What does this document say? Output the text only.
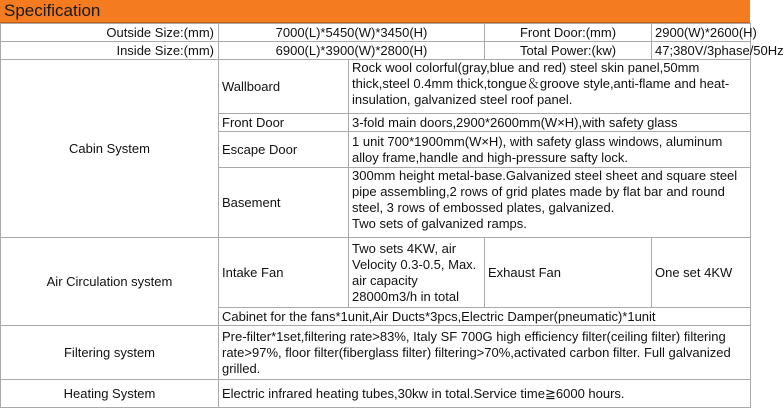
Specification
Outside Size:(mm)	7000(L)*5450(W)*3450(H)		Front Door:(mm)	2900(W)*2600(H)
Inside Size:(mm)	6900(L)*3900(W)*2800(H)		Total Power:(kw)	47;380V/3phase/50Hz
Cabin System	Wallboard	Rock wool colorful(gray,blue and red) steel skin panel,50mm thick,steel 0.4mm thick,tongue＆groove style,anti-flame and heat-insulation, galvanized steel roof panel.		
	Front Door	3-fold main doors,2900*2600mm(W×H),with safety glass		
	Escape Door	1 unit 700*1900mm(W×H), with safety glass windows, aluminum alloy frame,handle and high-pressure safty lock.		
	Basement	300mm height metal-base.Galvanized steel sheet and square steel pipe assembling,2 rows of grid plates made by flat bar and round steel, 3 rows of embossed plates, galvanized.
Two sets of galvanized ramps.		
Air Circulation system	Intake Fan	Two sets 4KW, air Velocity 0.3-0.5, Max. air capacity 28000m3/h in total	Exhaust Fan	One set 4KW
	Cabinet for the fans*1unit,Air Ducts*3pcs,Electric Damper(pneumatic)*1unit			
Filtering system	Pre-filter*1set,filtering rate>83%, Italy SF 700G high efficiency filter(ceiling filter) filtering rate>97%, floor filter(fiberglass filter) filtering>70%,activated carbon filter. Full galvanized grilled.			
Heating System	Electric infrared heating tubes,30kw in total.Service time≧6000 hours.			
